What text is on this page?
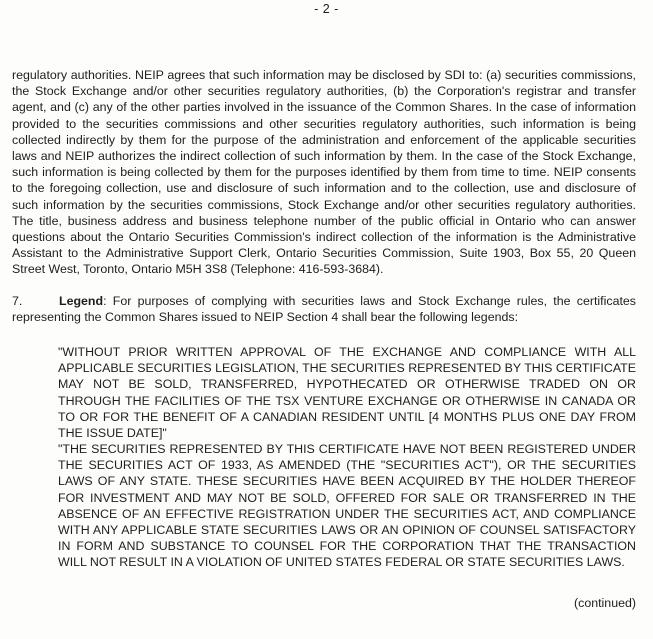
- 2 -

regulatory authorities. NEIP agrees that such information may be disclosed by SDI to: (a) securities commissions, the Stock Exchange and/or other securities regulatory authorities, (b) the Corporation's registrar and transfer agent, and (c) any of the other parties involved in the issuance of the Common Shares. In the case of information provided to the securities commissions and other securities regulatory authorities, such information is being collected indirectly by them for the purpose of the administration and enforcement of the applicable securities laws and NEIP authorizes the indirect collection of such information by them. In the case of the Stock Exchange, such information is being collected by them for the purposes identified by them from time to time. NEIP consents to the foregoing collection, use and disclosure of such information and to the collection, use and disclosure of such information by the securities commissions, Stock Exchange and/or other securities regulatory authorities. The title, business address and business telephone number of the public official in Ontario who can answer questions about the Ontario Securities Commission's indirect collection of the information is the Administrative Assistant to the Administrative Support Clerk, Ontario Securities Commission, Suite 1903, Box 55, 20 Queen Street West, Toronto, Ontario M5H 3S8 (Telephone: 416-593-3684).

7.	Legend: For purposes of complying with securities laws and Stock Exchange rules, the certificates representing the Common Shares issued to NEIP Section 4 shall bear the following legends:

"WITHOUT PRIOR WRITTEN APPROVAL OF THE EXCHANGE AND COMPLIANCE WITH ALL APPLICABLE SECURITIES LEGISLATION, THE SECURITIES REPRESENTED BY THIS CERTIFICATE MAY NOT BE SOLD, TRANSFERRED, HYPOTHECATED OR OTHERWISE TRADED ON OR THROUGH THE FACILITIES OF THE TSX VENTURE EXCHANGE OR OTHERWISE IN CANADA OR TO OR FOR THE BENEFIT OF A CANADIAN RESIDENT UNTIL [4 MONTHS PLUS ONE DAY FROM THE ISSUE DATE]"

"THE SECURITIES REPRESENTED BY THIS CERTIFICATE HAVE NOT BEEN REGISTERED UNDER THE SECURITIES ACT OF 1933, AS AMENDED (THE "SECURITIES ACT"), OR THE SECURITIES LAWS OF ANY STATE. THESE SECURITIES HAVE BEEN ACQUIRED BY THE HOLDER THEREOF FOR INVESTMENT AND MAY NOT BE SOLD, OFFERED FOR SALE OR TRANSFERRED IN THE ABSENCE OF AN EFFECTIVE REGISTRATION UNDER THE SECURITIES ACT, AND COMPLIANCE WITH ANY APPLICABLE STATE SECURITIES LAWS OR AN OPINION OF COUNSEL SATISFACTORY IN FORM AND SUBSTANCE TO COUNSEL FOR THE CORPORATION THAT THE TRANSACTION WILL NOT RESULT IN A VIOLATION OF UNITED STATES FEDERAL OR STATE SECURITIES LAWS.

(continued)
